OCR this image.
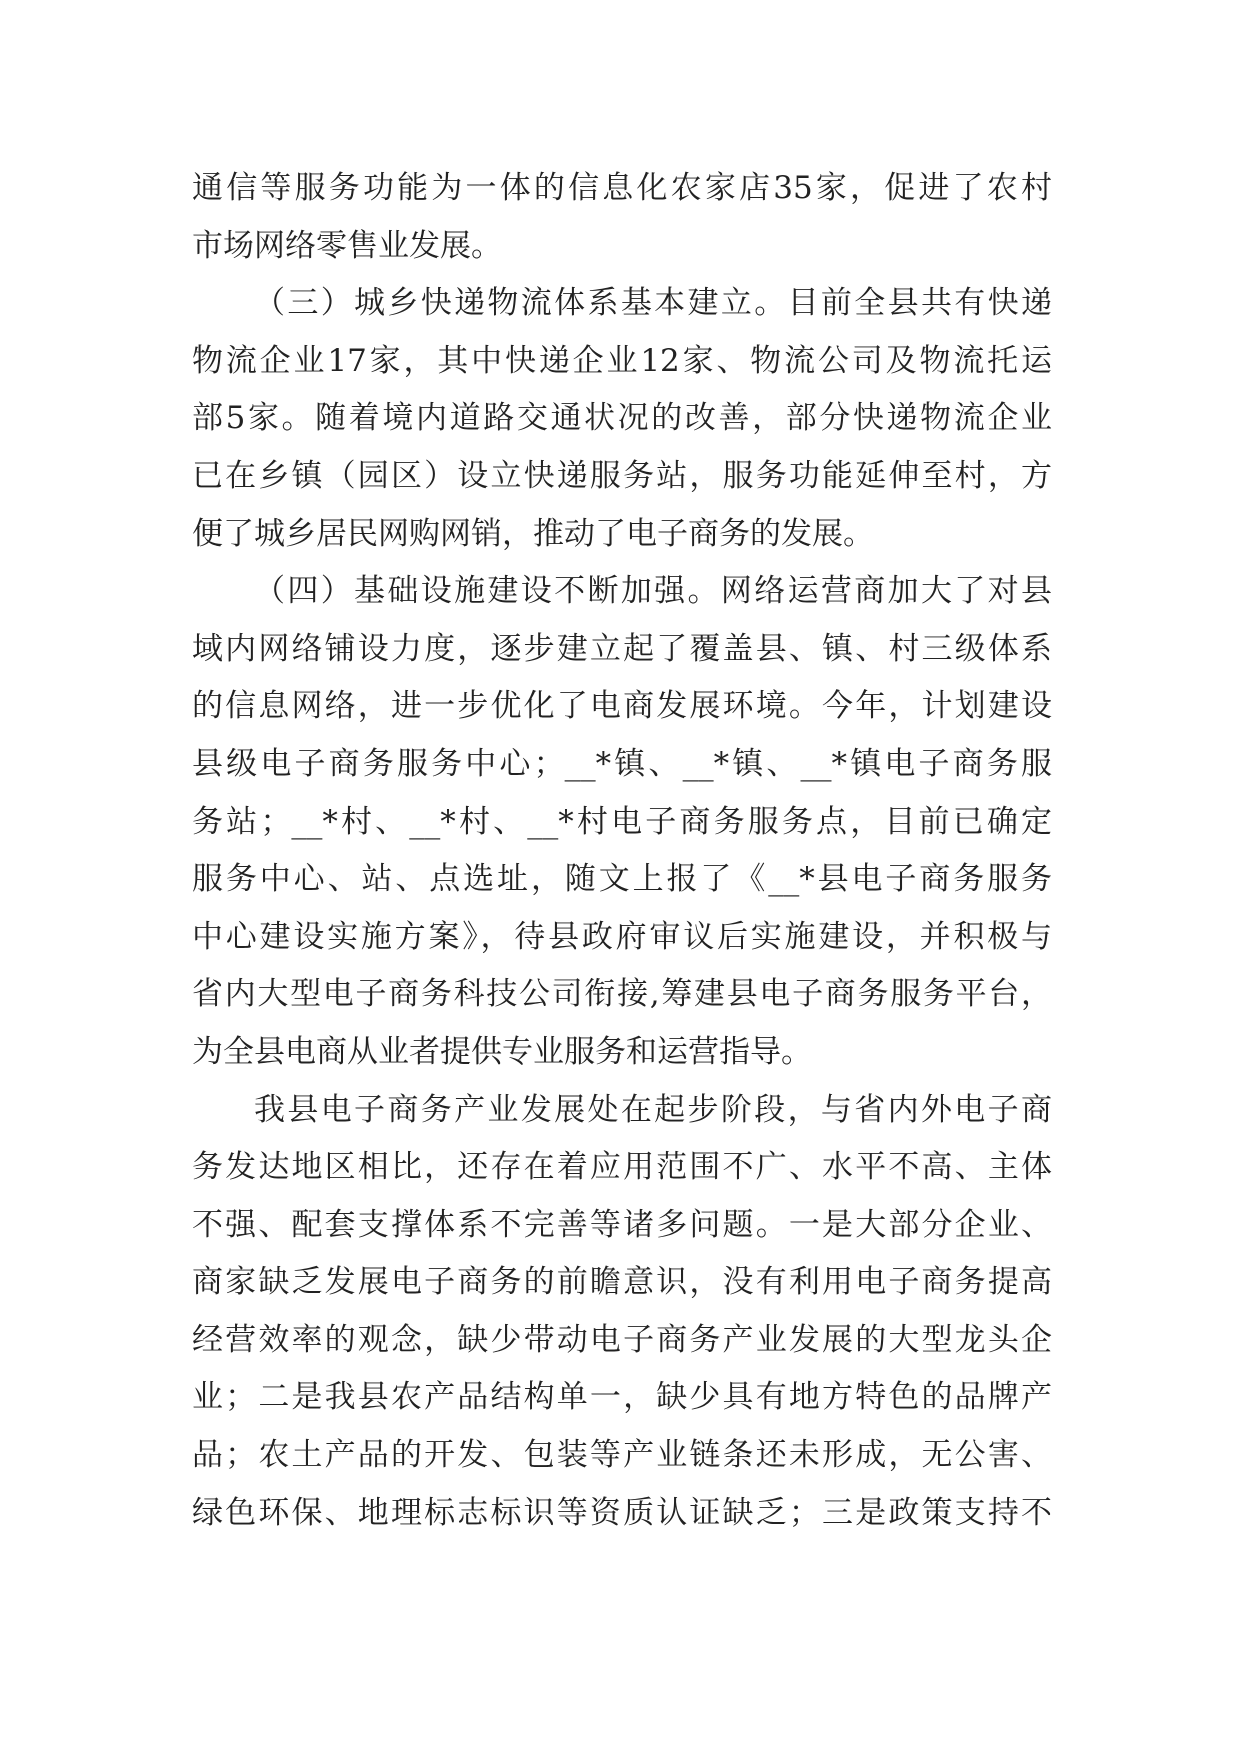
通信等服务功能为一体的信息化农家店35家，促进了农村
市场网络零售业发展。
（三）城乡快递物流体系基本建立。目前全县共有快递
物流企业17家，其中快递企业12家、物流公司及物流托运
部5家。随着境内道路交通状况的改善，部分快递物流企业
已在乡镇（园区）设立快递服务站，服务功能延伸至村，方
便了城乡居民网购网销，推动了电子商务的发展。
（四）基础设施建设不断加强。网络运营商加大了对县
域内网络铺设力度，逐步建立起了覆盖县、镇、村三级体系
的信息网络，进一步优化了电商发展环境。今年，计划建设
县级电子商务服务中心；__*镇、__*镇、__*镇电子商务服
务站；__*村、__*村、__*村电子商务服务点，目前已确定
服务中心、站、点选址，随文上报了《__*县电子商务服务
中心建设实施方案》，待县政府审议后实施建设，并积极与
省内大型电子商务科技公司衔接,筹建县电子商务服务平台，
为全县电商从业者提供专业服务和运营指导。
我县电子商务产业发展处在起步阶段，与省内外电子商
务发达地区相比，还存在着应用范围不广、水平不高、主体
不强、配套支撑体系不完善等诸多问题。一是大部分企业、
商家缺乏发展电子商务的前瞻意识，没有利用电子商务提高
经营效率的观念，缺少带动电子商务产业发展的大型龙头企
业；二是我县农产品结构单一，缺少具有地方特色的品牌产
品；农土产品的开发、包装等产业链条还未形成，无公害、
绿色环保、地理标志标识等资质认证缺乏；三是政策支持不
